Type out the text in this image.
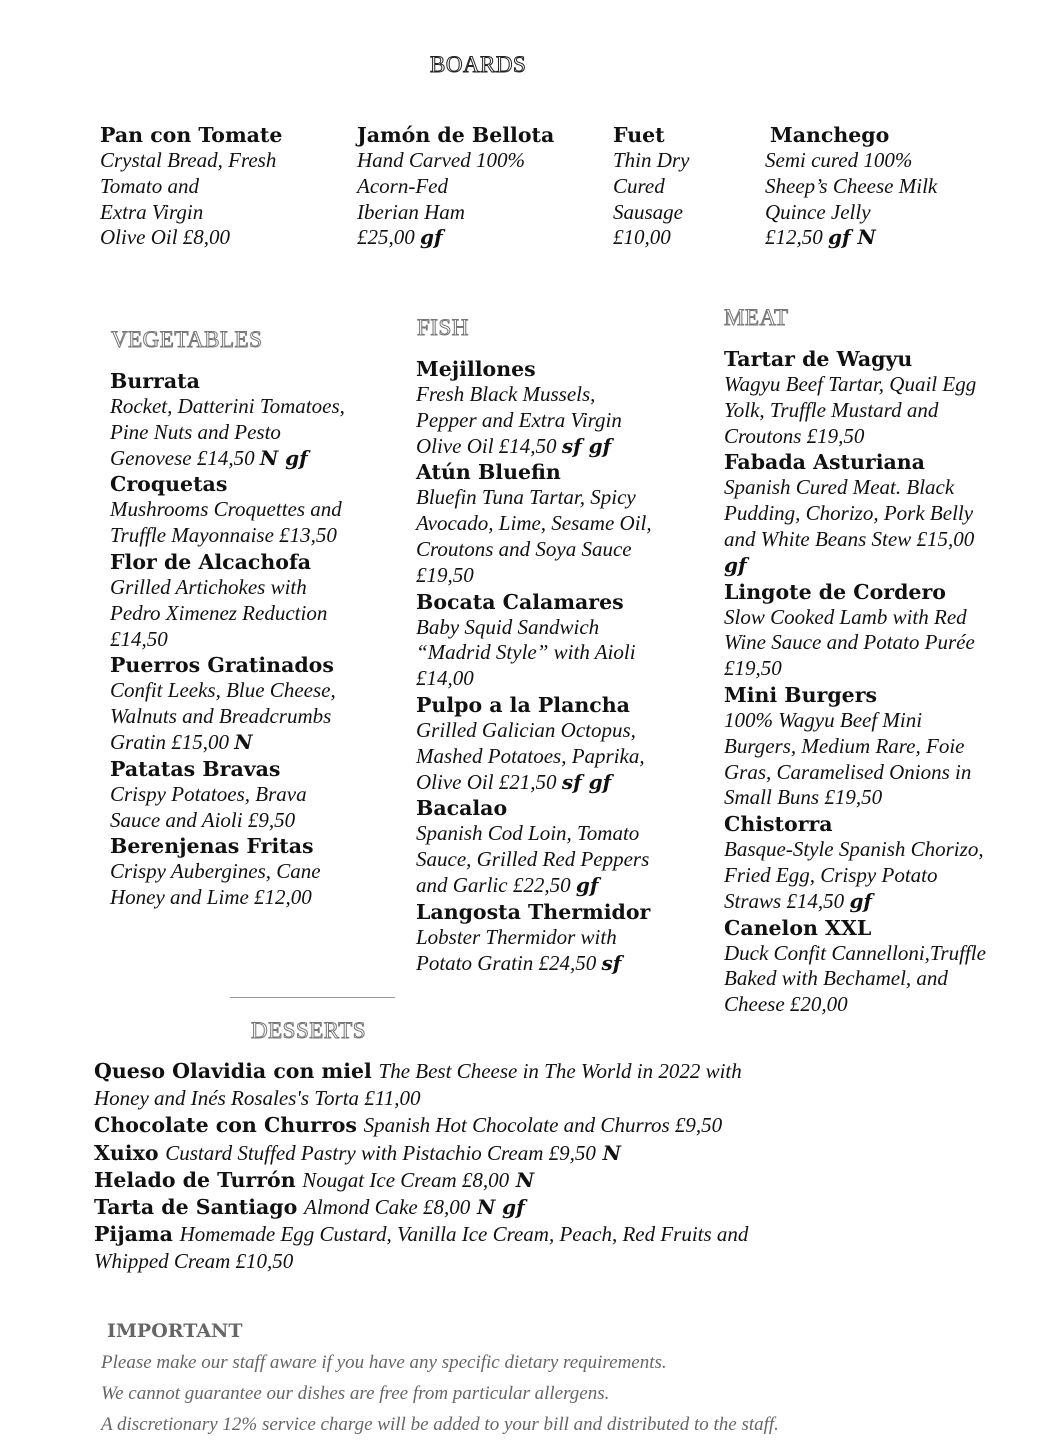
BOARDS
Pan con Tomate
Crystal Bread, Fresh
Tomato and
Extra Virgin
Olive Oil £8,00
Jamón de Bellota
Hand Carved 100%
Acorn-Fed
Iberian Ham
£25,00 gf
Fuet
Thin Dry
Cured
Sausage
£10,00
Manchego
Semi cured 100%
Sheep’s Cheese Milk
Quince Jelly
£12,50 gf N
VEGETABLES
Burrata
Rocket, Datterini Tomatoes, Pine Nuts and Pesto Genovese £14,50 N gf
Croquetas
Mushrooms Croquettes and Truffle Mayonnaise £13,50
Flor de Alcachofa
Grilled Artichokes with Pedro Ximenez Reduction £14,50
Puerros Gratinados
Confit Leeks, Blue Cheese, Walnuts and Breadcrumbs Gratin £15,00 N
Patatas Bravas
Crispy Potatoes, Brava Sauce and Aioli £9,50
Berenjenas Fritas
Crispy Aubergines, Cane Honey and Lime £12,00
FISH
Mejillones
Fresh Black Mussels, Pepper and Extra Virgin Olive Oil £14,50 sf gf
Atún Bluefin
Bluefin Tuna Tartar, Spicy Avocado, Lime, Sesame Oil, Croutons and Soya Sauce £19,50
Bocata Calamares
Baby Squid Sandwich “Madrid Style” with Aioli £14,00
Pulpo a la Plancha
Grilled Galician Octopus, Mashed Potatoes, Paprika, Olive Oil £21,50 sf gf
Bacalao
Spanish Cod Loin, Tomato Sauce, Grilled Red Peppers and Garlic £22,50 gf
Langosta Thermidor
Lobster Thermidor with Potato Gratin £24,50 sf
MEAT
Tartar de Wagyu
Wagyu Beef Tartar, Quail Egg Yolk, Truffle Mustard and Croutons £19,50
Fabada Asturiana
Spanish Cured Meat. Black Pudding, Chorizo, Pork Belly and White Beans Stew £15,00 gf
Lingote de Cordero
Slow Cooked Lamb with Red Wine Sauce and Potato Purée £19,50
Mini Burgers
100% Wagyu Beef Mini Burgers, Medium Rare, Foie Gras, Caramelised Onions in Small Buns £19,50
Chistorra
Basque-Style Spanish Chorizo, Fried Egg, Crispy Potato Straws £14,50 gf
Canelon XXL
Duck Confit Cannelloni,Truffle Baked with Bechamel, and Cheese £20,00
DESSERTS
Queso Olavidia con miel The Best Cheese in The World in 2022 with Honey and Inés Rosales's Torta £11,00
Chocolate con Churros Spanish Hot Chocolate and Churros £9,50
Xuixo Custard Stuffed Pastry with Pistachio Cream £9,50 N
Helado de Turrón Nougat Ice Cream £8,00 N
Tarta de Santiago Almond Cake £8,00 N gf
Pijama Homemade Egg Custard, Vanilla Ice Cream, Peach, Red Fruits and Whipped Cream £10,50
IMPORTANT
Please make our staff aware if you have any specific dietary requirements.
We cannot guarantee our dishes are free from particular allergens.
A discretionary 12% service charge will be added to your bill and distributed to the staff.
